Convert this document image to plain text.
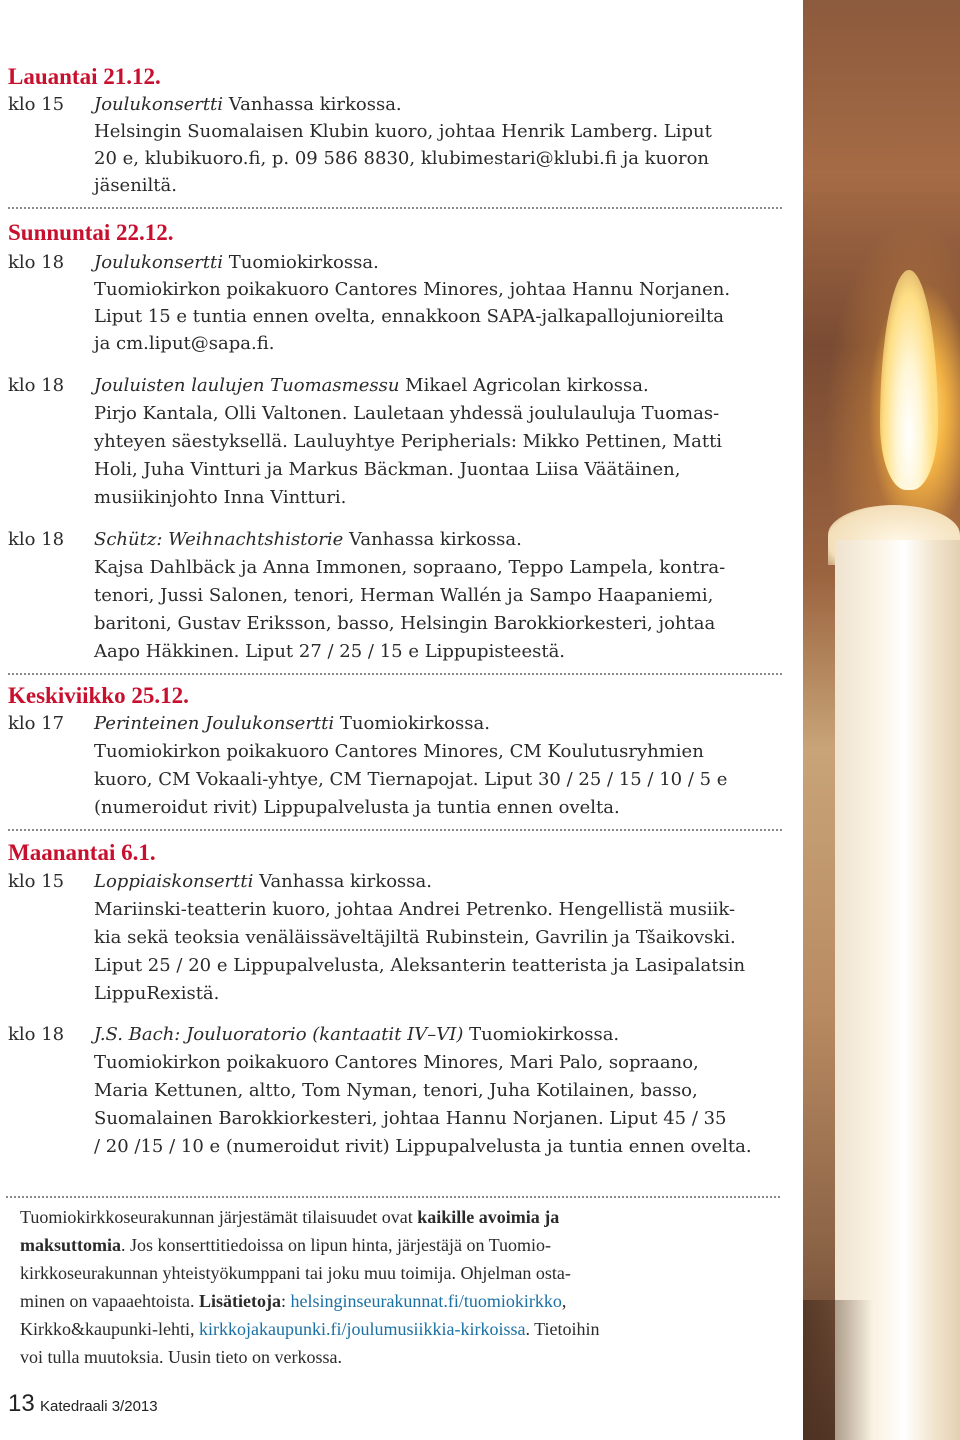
Lauantai 21.12.
klo 15 Joulukonsertti Vanhassa kirkossa.
Helsingin Suomalaisen Klubin kuoro, johtaa Henrik Lamberg. Liput
20 e, klubikuoro.fi, p. 09 586 8830, klubimestari@klubi.fi ja kuoron
jäseniltä.
Sunnuntai 22.12.
klo 18 Joulukonsertti Tuomiokirkossa.
Tuomiokirkon poikakuoro Cantores Minores, johtaa Hannu Norjanen.
Liput 15 e tuntia ennen ovelta, ennakkoon SAPA-jalkapallojunioreilta
ja cm.liput@sapa.fi.
klo 18 Jouluisten laulujen Tuomasmessu Mikael Agricolan kirkossa.
Pirjo Kantala, Olli Valtonen. Lauletaan yhdessä joululauluja Tuomas-
yhteyen säestyksellä. Lauluyhtye Peripherials: Mikko Pettinen, Matti
Holi, Juha Vintturi ja Markus Bäckman. Juontaa Liisa Väätäinen,
musiikinjohto Inna Vintturi.
klo 18 Schütz: Weihnachtshistorie Vanhassa kirkossa.
Kajsa Dahlbäck ja Anna Immonen, sopraano, Teppo Lampela, kontra-
tenori, Jussi Salonen, tenori, Herman Wallén ja Sampo Haapaniemi,
baritoni, Gustav Eriksson, basso, Helsingin Barokkiorkesteri, johtaa
Aapo Häkkinen. Liput 27 / 25 / 15 e Lippupisteestä.
Keskiviikko 25.12.
klo 17 Perinteinen Joulukonsertti Tuomiokirkossa.
Tuomiokirkon poikakuoro Cantores Minores, CM Koulutusryhmien
kuoro, CM Vokaali-yhtye, CM Tiernapojat. Liput 30 / 25 / 15 / 10 / 5 e
(numeroidut rivit) Lippupalvelusta ja tuntia ennen ovelta.
Maanantai 6.1.
klo 15 Loppiaiskonsertti Vanhassa kirkossa.
Mariinski-teatterin kuoro, johtaa Andrei Petrenko. Hengellistä musiik-
kia sekä teoksia venäläissäveltäjiltä Rubinstein, Gavrilin ja Tšaikovski.
Liput 25 / 20 e Lippupalvelusta, Aleksanterin teatterista ja Lasipalatsin
LippuRexistä.
klo 18 J.S. Bach: Jouluoratorio (kantaatit IV–VI) Tuomiokirkossa.
Tuomiokirkon poikakuoro Cantores Minores, Mari Palo, sopraano,
Maria Kettunen, altto, Tom Nyman, tenori, Juha Kotilainen, basso,
Suomalainen Barokkiorkesteri, johtaa Hannu Norjanen. Liput 45 / 35
/ 20 /15 / 10 e (numeroidut rivit) Lippupalvelusta ja tuntia ennen ovelta.
Tuomiokirkkoseurakunnan järjestämät tilaisuudet ovat kaikille avoimia ja
maksuttomia. Jos konserttitiedoissa on lipun hinta, järjestäjä on Tuomio-
kirkkoseurakunnan yhteistyökumppani tai joku muu toimija. Ohjelman osta-
minen on vapaaehtoista. Lisätietoja: helsinginseurakunnat.fi/tuomiokirkko,
Kirkko&kaupunki-lehti, kirkkojakaupunki.fi/joulumusiikkia-kirkoissa. Tietoihin
voi tulla muutoksia. Uusin tieto on verkossa.
13 Katedraali 3/2013
